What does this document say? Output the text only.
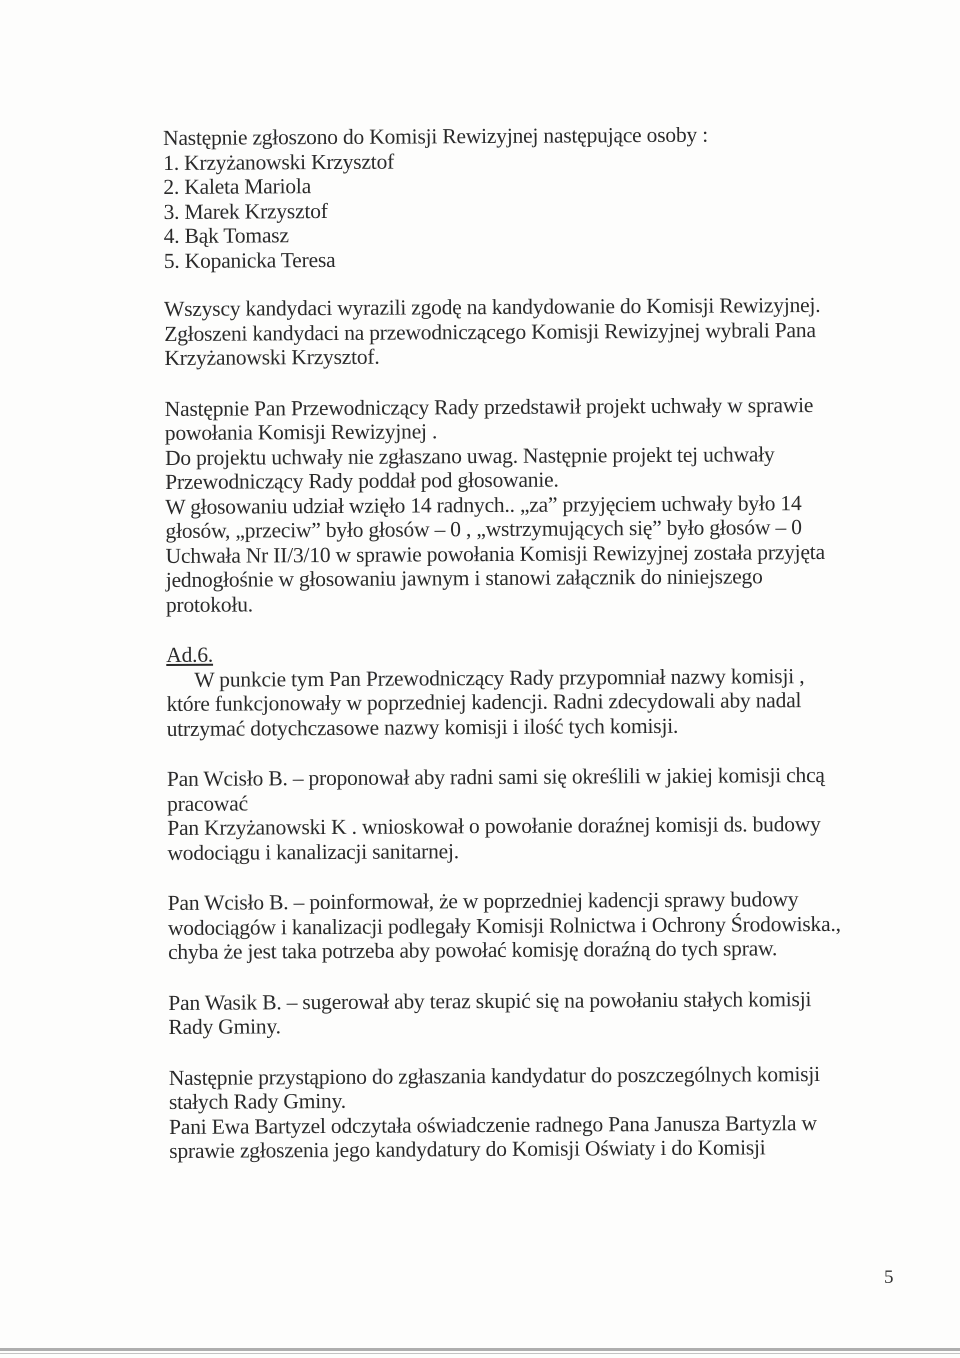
Następnie zgłoszono do Komisji Rewizyjnej następujące osoby :
1. Krzyżanowski Krzysztof
2. Kaleta Mariola
3. Marek Krzysztof
4. Bąk Tomasz
5. Kopanicka Teresa
Wszyscy kandydaci wyrazili zgodę na kandydowanie do Komisji Rewizyjnej.
Zgłoszeni kandydaci na przewodniczącego Komisji Rewizyjnej wybrali Pana
Krzyżanowski Krzysztof.
Następnie Pan Przewodniczący Rady przedstawił projekt uchwały w sprawie
powołania Komisji Rewizyjnej .
Do projektu uchwały nie zgłaszano uwag. Następnie projekt tej uchwały
Przewodniczący Rady poddał pod głosowanie.
W głosowaniu udział wzięło 14 radnych.. „za” przyjęciem uchwały było 14
głosów, „przeciw” było głosów – 0 , „wstrzymujących się” było głosów – 0
Uchwała Nr II/3/10 w sprawie powołania Komisji Rewizyjnej została przyjęta
jednogłośnie w głosowaniu jawnym i stanowi załącznik do niniejszego
protokołu.
Ad.6.
W punkcie tym Pan Przewodniczący Rady przypomniał nazwy komisji ,
które funkcjonowały w poprzedniej kadencji. Radni zdecydowali aby nadal
utrzymać dotychczasowe nazwy komisji i ilość tych komisji.
Pan Wcisło B. – proponował aby radni sami się określili w jakiej komisji chcą
pracować
Pan Krzyżanowski K . wnioskował o powołanie doraźnej komisji ds. budowy
wodociągu i kanalizacji sanitarnej.
Pan Wcisło B. – poinformował, że w poprzedniej kadencji sprawy budowy
wodociągów i kanalizacji podlegały Komisji Rolnictwa i Ochrony Środowiska.,
chyba że jest taka potrzeba aby powołać komisję doraźną do tych spraw.
Pan Wasik B. – sugerował aby teraz skupić się na powołaniu stałych komisji
Rady Gminy.
Następnie przystąpiono do zgłaszania kandydatur do poszczególnych komisji
stałych Rady Gminy.
Pani Ewa Bartyzel odczytała oświadczenie radnego Pana Janusza Bartyzla w
sprawie zgłoszenia jego kandydatury do Komisji Oświaty i do Komisji
5
